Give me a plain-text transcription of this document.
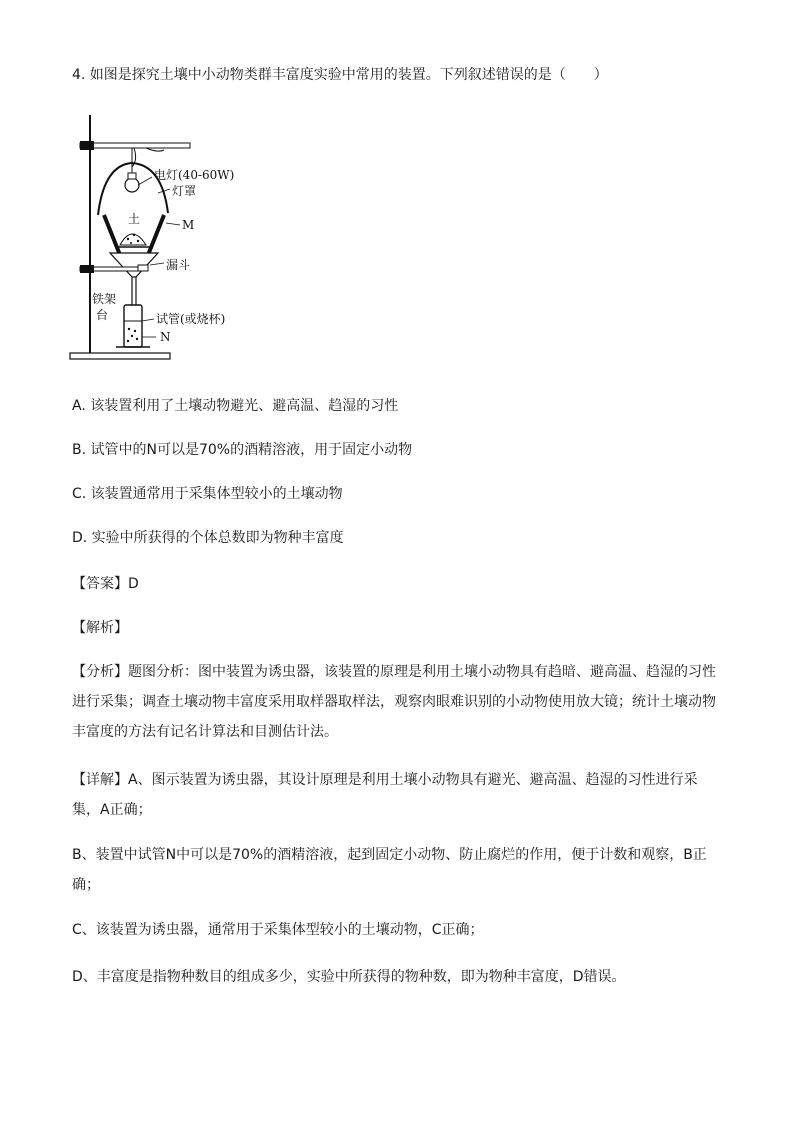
4. 如图是探究土壤中小动物类群丰富度实验中常用的装置。下列叙述错误的是（　　）
电灯(40-60W)
灯罩
土	M
漏斗
铁架
台	试管(或烧杯)
N
A. 该装置利用了土壤动物避光、避高温、趋湿的习性
B. 试管中的N可以是70%的酒精溶液，用于固定小动物
C. 该装置通常用于采集体型较小的土壤动物
D. 实验中所获得的个体总数即为物种丰富度
【答案】D
【解析】
【分析】题图分析：图中装置为诱虫器，该装置的原理是利用土壤小动物具有趋暗、避高温、趋湿的习性进行采集；调查土壤动物丰富度采用取样器取样法，观察肉眼难识别的小动物使用放大镜；统计土壤动物丰富度的方法有记名计算法和目测估计法。
【详解】A、图示装置为诱虫器，其设计原理是利用土壤小动物具有避光、避高温、趋湿的习性进行采集，A正确；
B、装置中试管N中可以是70%的酒精溶液，起到固定小动物、防止腐烂的作用，便于计数和观察，B正确；
C、该装置为诱虫器，通常用于采集体型较小的土壤动物，C正确；
D、丰富度是指物种数目的组成多少，实验中所获得的物种数，即为物种丰富度，D错误。
